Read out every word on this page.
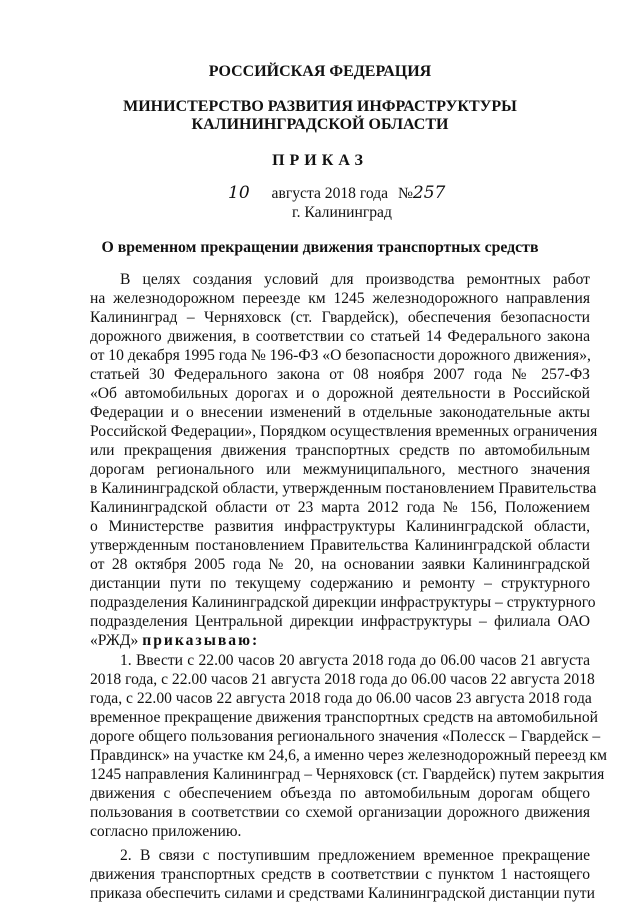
РОССИЙСКАЯ ФЕДЕРАЦИЯ
МИНИСТЕРСТВО РАЗВИТИЯ ИНФРАСТРУКТУРЫ
КАЛИНИНГРАДСКОЙ ОБЛАСТИ
ПРИКАЗ
10 августа 2018 года №257
г. Калининград
О временном прекращении движения транспортных средств
В целях создания условий для производства ремонтных работ
на железнодорожном переезде км 1245 железнодорожного направления
Калининград – Черняховск (ст. Гвардейск), обеспечения безопасности
дорожного движения, в соответствии со статьей 14 Федерального закона
от 10 декабря 1995 года № 196-ФЗ «О безопасности дорожного движения»,
статьей 30 Федерального закона от 08 ноября 2007 года № 257-ФЗ
«Об автомобильных дорогах и о дорожной деятельности в Российской
Федерации и о внесении изменений в отдельные законодательные акты
Российской Федерации», Порядком осуществления временных ограничения
или прекращения движения транспортных средств по автомобильным
дорогам регионального или межмуниципального, местного значения
в Калининградской области, утвержденным постановлением Правительства
Калининградской области от 23 марта 2012 года № 156, Положением
о Министерстве развития инфраструктуры Калининградской области,
утвержденным постановлением Правительства Калининградской области
от 28 октября 2005 года № 20, на основании заявки Калининградской
дистанции пути по текущему содержанию и ремонту – структурного
подразделения Калининградской дирекции инфраструктуры – структурного
подразделения Центральной дирекции инфраструктуры – филиала ОАО
«РЖД» приказываю:
1. Ввести с 22.00 часов 20 августа 2018 года до 06.00 часов 21 августа
2018 года, с 22.00 часов 21 августа 2018 года до 06.00 часов 22 августа 2018
года, с 22.00 часов 22 августа 2018 года до 06.00 часов 23 августа 2018 года
временное прекращение движения транспортных средств на автомобильной
дороге общего пользования регионального значения «Полесск – Гвардейск –
Правдинск» на участке км 24,6, а именно через железнодорожный переезд км
1245 направления Калининград – Черняховск (ст. Гвардейск) путем закрытия
движения с обеспечением объезда по автомобильным дорогам общего
пользования в соответствии со схемой организации дорожного движения
согласно приложению.
2. В связи с поступившим предложением временное прекращение
движения транспортных средств в соответствии с пунктом 1 настоящего
приказа обеспечить силами и средствами Калининградской дистанции пути
